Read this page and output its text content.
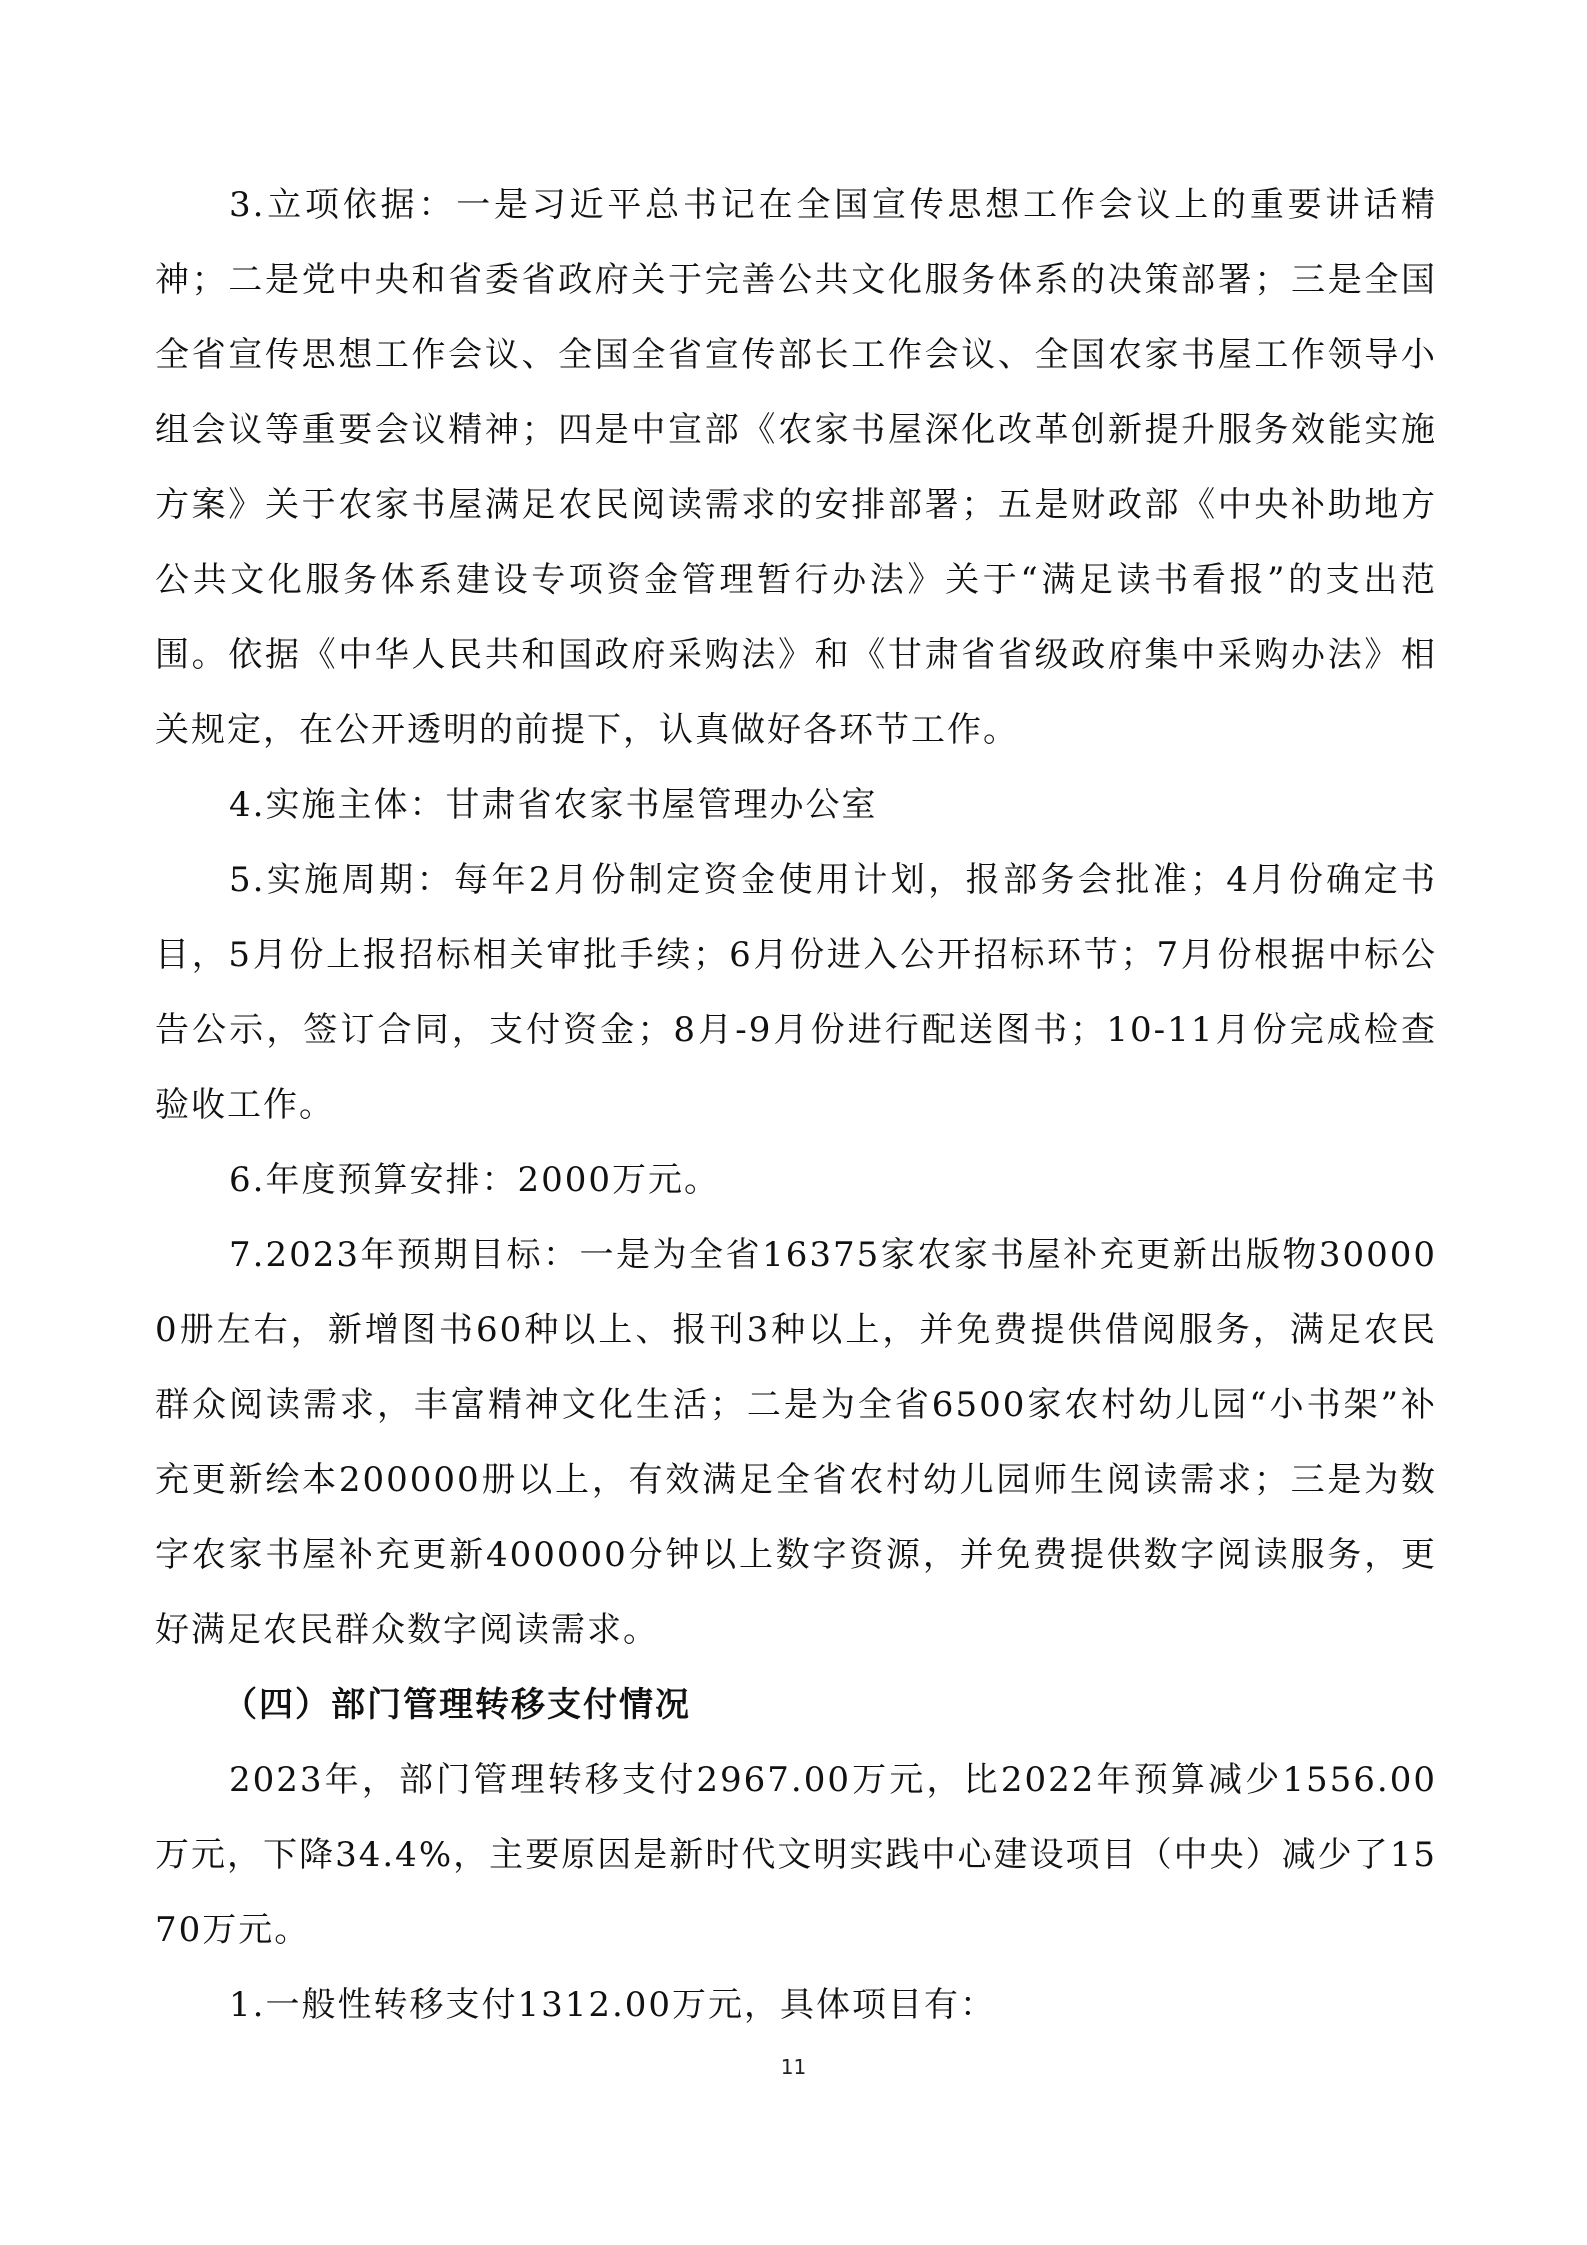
3.立项依据：一是习近平总书记在全国宣传思想工作会议上的重要讲话精神；二是党中央和省委省政府关于完善公共文化服务体系的决策部署；三是全国全省宣传思想工作会议、全国全省宣传部长工作会议、全国农家书屋工作领导小组会议等重要会议精神；四是中宣部《农家书屋深化改革创新提升服务效能实施方案》关于农家书屋满足农民阅读需求的安排部署；五是财政部《中央补助地方公共文化服务体系建设专项资金管理暂行办法》关于“满足读书看报”的支出范围。依据《中华人民共和国政府采购法》和《甘肃省省级政府集中采购办法》相关规定，在公开透明的前提下，认真做好各环节工作。

4.实施主体：甘肃省农家书屋管理办公室

5.实施周期：每年2月份制定资金使用计划，报部务会批准；4月份确定书目，5月份上报招标相关审批手续；6月份进入公开招标环节；7月份根据中标公告公示，签订合同，支付资金；8月-9月份进行配送图书；10-11月份完成检查验收工作。

6.年度预算安排：2000万元。

7.2023年预期目标：一是为全省16375家农家书屋补充更新出版物300000册左右，新增图书60种以上、报刊3种以上，并免费提供借阅服务，满足农民群众阅读需求，丰富精神文化生活；二是为全省6500家农村幼儿园“小书架”补充更新绘本200000册以上，有效满足全省农村幼儿园师生阅读需求；三是为数字农家书屋补充更新400000分钟以上数字资源，并免费提供数字阅读服务，更好满足农民群众数字阅读需求。

（四）部门管理转移支付情况

2023年，部门管理转移支付2967.00万元，比2022年预算减少1556.00万元，下降34.4%，主要原因是新时代文明实践中心建设项目（中央）减少了1570万元。

1.一般性转移支付1312.00万元，具体项目有：

11
